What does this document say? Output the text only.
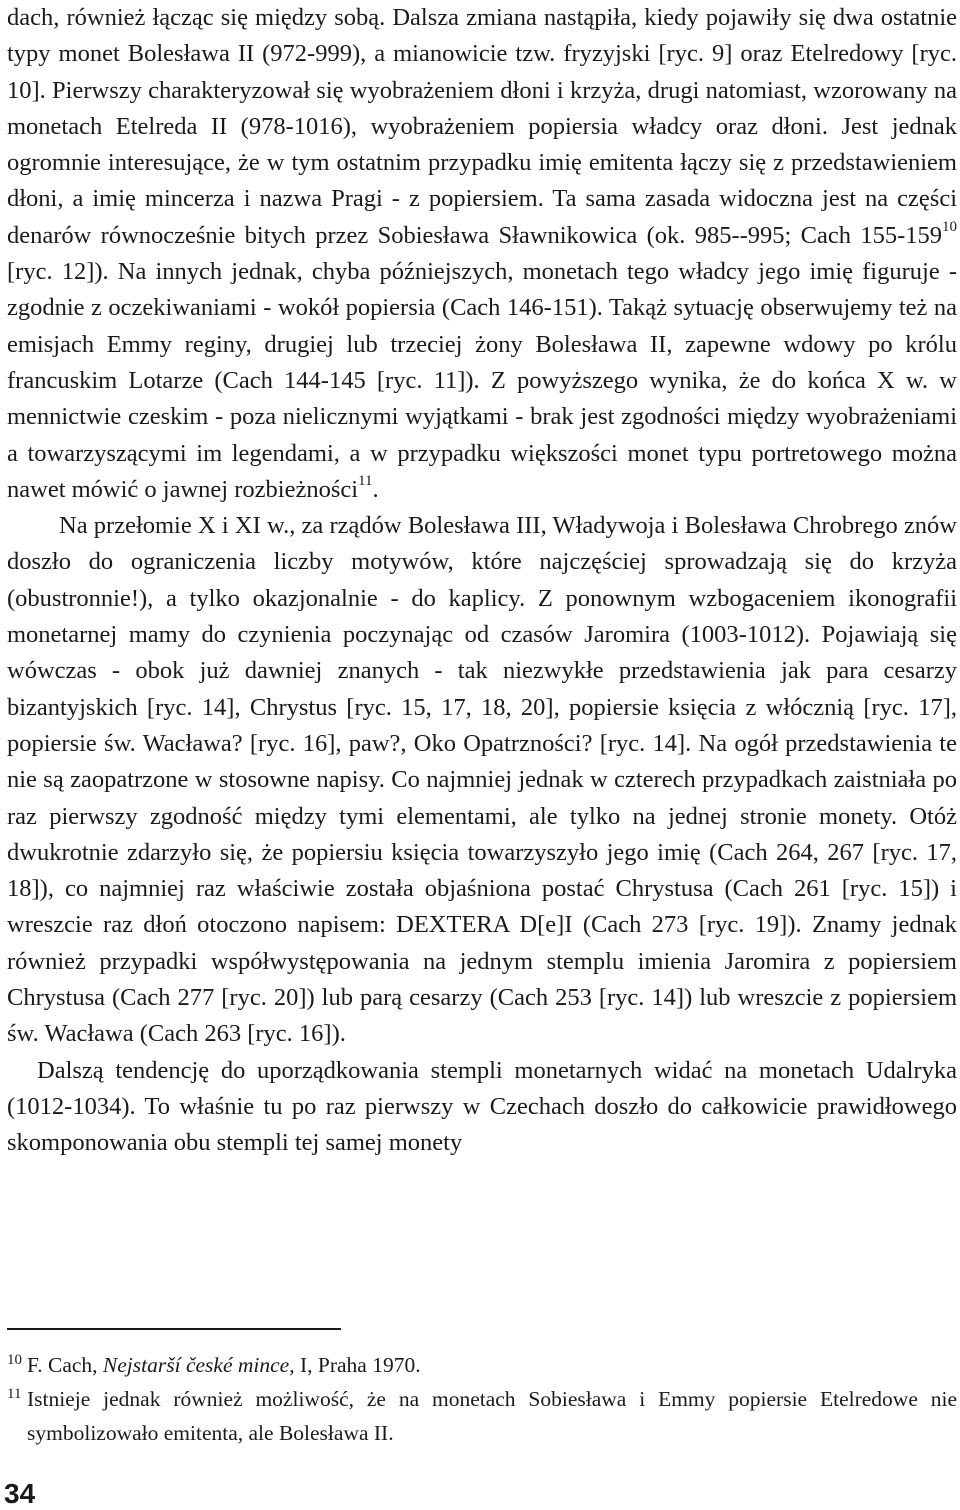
dach, również łącząc się między sobą. Dalsza zmiana nastąpiła, kiedy pojawiły się dwa ostatnie typy monet Bolesława II (972-999), a mianowicie tzw. fryzyjski [ryc. 9] oraz Etelredowy [ryc. 10]. Pierwszy charakteryzował się wyobrażeniem dłoni i krzyża, drugi natomiast, wzorowany na monetach Etelreda II (978-1016), wyobrażeniem popiersia władcy oraz dłoni. Jest jednak ogromnie interesujące, że w tym ostatnim przypadku imię emitenta łączy się z przedstawieniem dłoni, a imię mincerza i nazwa Pragi - z popiersiem. Ta sama zasada widoczna jest na części denarów równocześnie bitych przez Sobiesława Sławnikowica (ok. 985-‑995; Cach $155-159^{10}$ [ryc. 12]). Na innych jednak, chyba późniejszych, monetach tego władcy jego imię figuruje - zgodnie z oczekiwaniami - wokół popiersia (Cach 146-151). Takąż sytuację obserwujemy też na emisjach Emmy reginy, drugiej lub trzeciej żony Bolesława II, zapewne wdowy po królu francuskim Lotarze (Cach 144-145 [ryc. 11]). Z powyższego wynika, że do końca X w. w mennictwie czeskim - poza nielicznymi wyjątkami - brak jest zgodności między wyobrażeniami a towarzyszącymi im legendami, a w przypadku większości monet typu portretowego można nawet mówić o jawnej rozbieżności$^{11}$.

Na przełomie X i XI w., za rządów Bolesława III, Władywoja i Bolesława Chrobrego znów doszło do ograniczenia liczby motywów, które najczęściej sprowadzają się do krzyża (obustronnie!), a tylko okazjonalnie - do kaplicy. Z ponownym wzbogaceniem ikonografii monetarnej mamy do czynienia poczynając od czasów Jaromira (1003-1012). Pojawiają się wówczas - obok już dawniej znanych - tak niezwykłe przedstawienia jak para cesarzy bizantyjskich [ryc. 14], Chrystus [ryc. 15, 17, 18, 20], popiersie księcia z włócznią [ryc. 17], popiersie św. Wacława? [ryc. 16], paw?, Oko Opatrzności? [ryc. 14]. Na ogół przedstawienia te nie są zaopatrzone w stosowne napisy. Co najmniej jednak w czterech przypadkach zaistniała po raz pierwszy zgodność między tymi elementami, ale tylko na jednej stronie monety. Otóż dwukrotnie zdarzyło się, że popiersiu księcia towarzyszyło jego imię (Cach 264, 267 [ryc. 17, 18]), co najmniej raz właściwie została objaśniona postać Chrystusa (Cach 261 [ryc. 15]) i wreszcie raz dłoń otoczono napisem: DEXTERA D[e]I (Cach 273 [ryc. 19]). Znamy jednak również przypadki współwystępowania na jednym stemplu imienia Jaromira z popiersiem Chrystusa (Cach 277 [ryc. 20]) lub parą cesarzy (Cach 253 [ryc. 14]) lub wreszcie z popiersiem św. Wacława (Cach 263 [ryc. 16]).

Dalszą tendencję do uporządkowania stempli monetarnych widać na monetach Udalryka (1012-1034). To właśnie tu po raz pierwszy w Czechach doszło do całkowicie prawidłowego skomponowania obu stempli tej samej monety

10 F. Cach, Nejstarší české mince, I, Praha 1970.

11 Istnieje jednak również możliwość, że na monetach Sobiesława i Emmy popiersie Etelredowe nie symbolizowało emitenta, ale Bolesława II.

34
